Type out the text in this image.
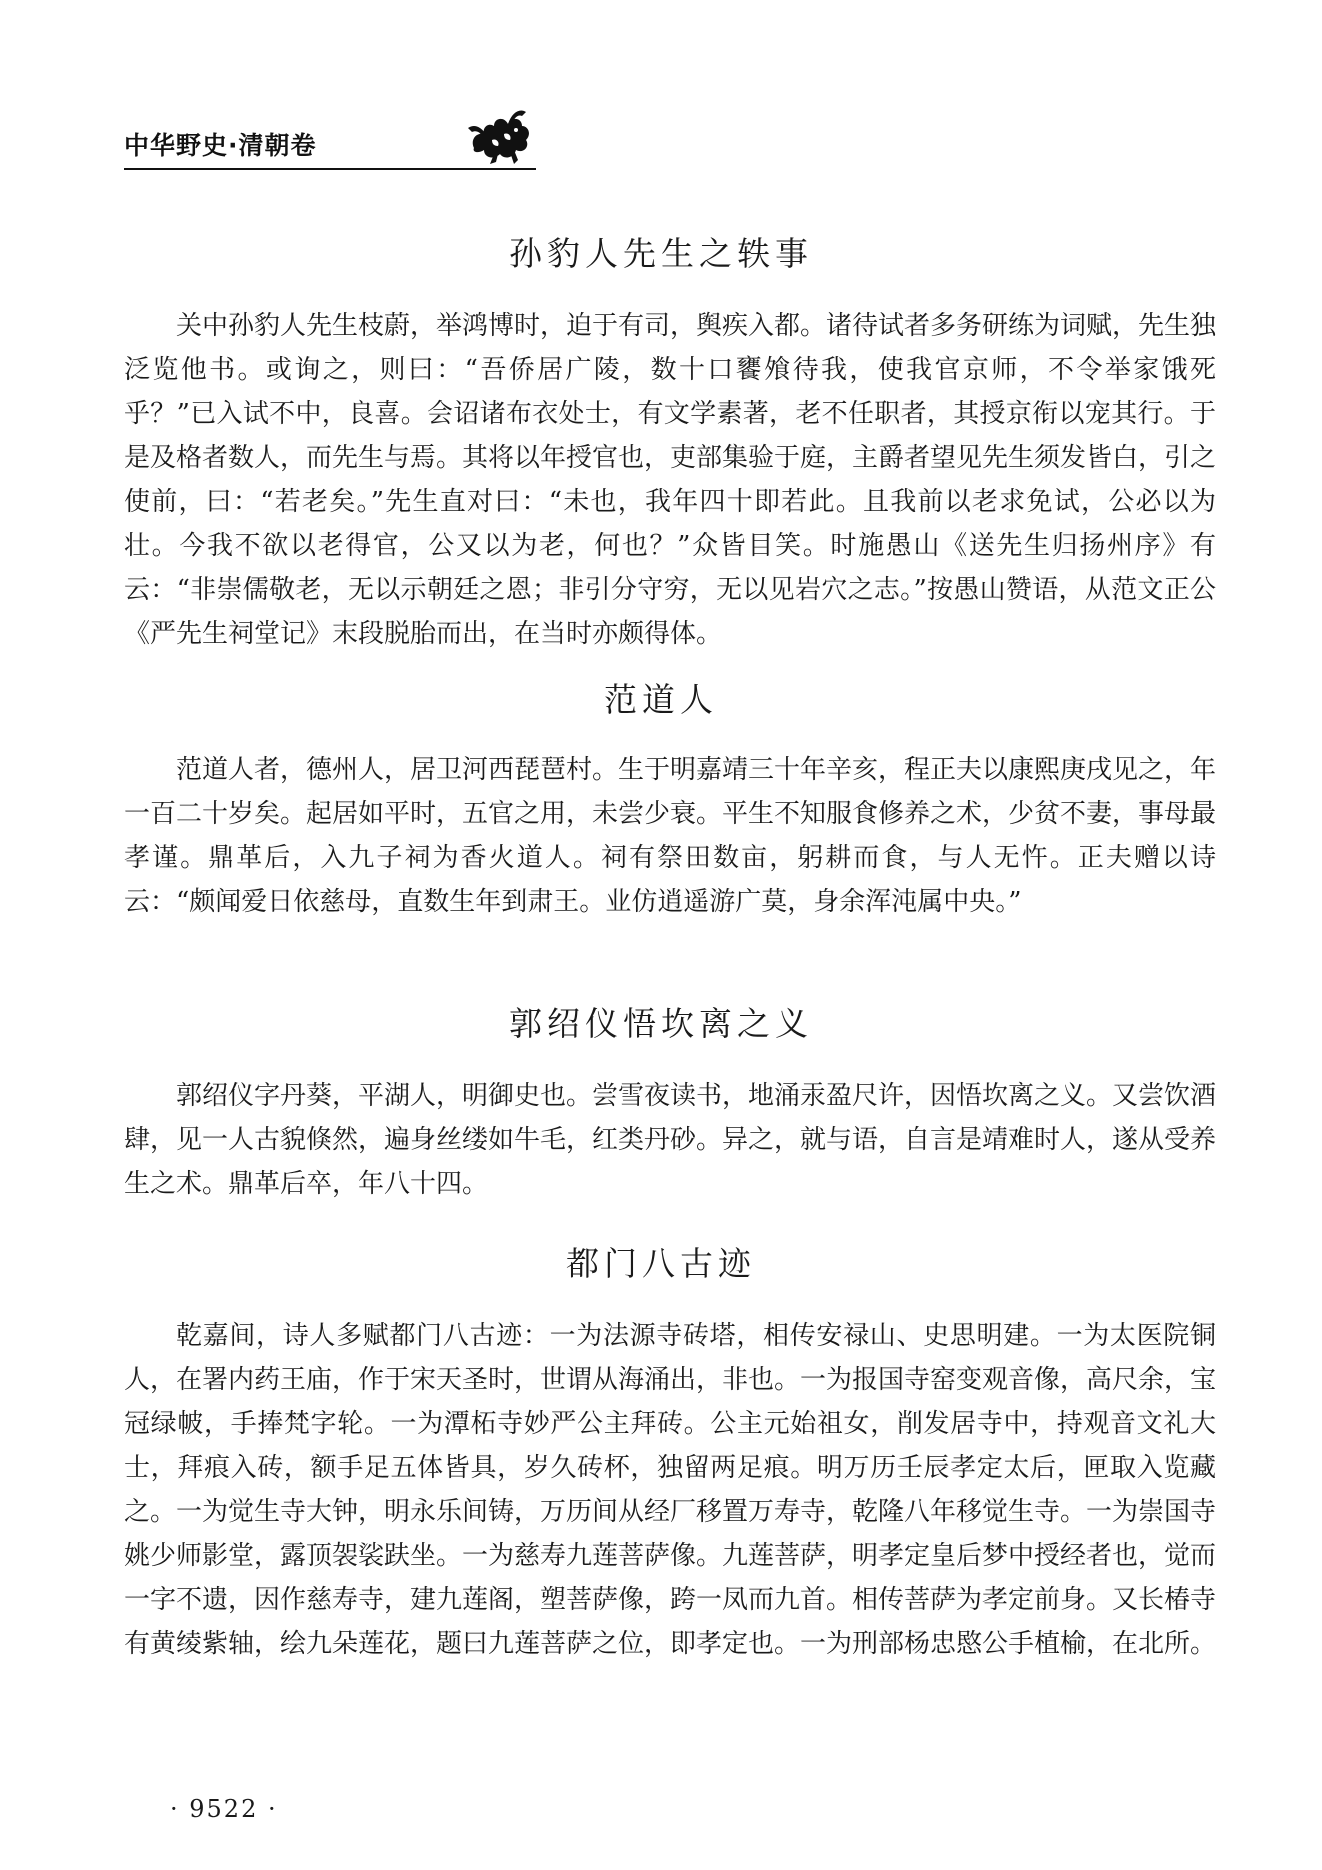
中华野史·清朝卷
孙豹人先生之轶事

关中孙豹人先生枝蔚，举鸿博时，迫于有司，舆疾入都。诸待试者多务研练为词赋，先生独泛览他书。或询之，则曰：“吾侨居广陵，数十口饔飧待我，使我官京师，不令举家饿死乎？”已入试不中，良喜。会诏诸布衣处士，有文学素著，老不任职者，其授京衔以宠其行。于是及格者数人，而先生与焉。其将以年授官也，吏部集验于庭，主爵者望见先生须发皆白，引之使前，曰：“若老矣。”先生直对曰：“未也，我年四十即若此。且我前以老求免试，公必以为壮。今我不欲以老得官，公又以为老，何也？”众皆目笑。时施愚山《送先生归扬州序》有云：“非崇儒敬老，无以示朝廷之恩；非引分守穷，无以见岩穴之志。”按愚山赞语，从范文正公《严先生祠堂记》末段脱胎而出，在当时亦颇得体。

范道人

范道人者，德州人，居卫河西琵琶村。生于明嘉靖三十年辛亥，程正夫以康熙庚戌见之，年一百二十岁矣。起居如平时，五官之用，未尝少衰。平生不知服食修养之术，少贫不妻，事母最孝谨。鼎革后，入九子祠为香火道人。祠有祭田数亩，躬耕而食，与人无忤。正夫赠以诗云：“颇闻爱日依慈母，直数生年到肃王。业仿逍遥游广莫，身余浑沌属中央。”

郭绍仪悟坎离之义

郭绍仪字丹葵，平湖人，明御史也。尝雪夜读书，地涌汞盈尺许，因悟坎离之义。又尝饮酒肆，见一人古貌倏然，遍身丝缕如牛毛，红类丹砂。异之，就与语，自言是靖难时人，遂从受养生之术。鼎革后卒，年八十四。

都门八古迹

乾嘉间，诗人多赋都门八古迹：一为法源寺砖塔，相传安禄山、史思明建。一为太医院铜人，在署内药王庙，作于宋天圣时，世谓从海涌出，非也。一为报国寺窑变观音像，高尺余，宝冠绿帔，手捧梵字轮。一为潭柘寺妙严公主拜砖。公主元始祖女，削发居寺中，持观音文礼大士，拜痕入砖，额手足五体皆具，岁久砖杯，独留两足痕。明万历壬辰孝定太后，匣取入览藏之。一为觉生寺大钟，明永乐间铸，万历间从经厂移置万寿寺，乾隆八年移觉生寺。一为崇国寺姚少师影堂，露顶袈裟趺坐。一为慈寿九莲菩萨像。九莲菩萨，明孝定皇后梦中授经者也，觉而一字不遗，因作慈寿寺，建九莲阁，塑菩萨像，跨一凤而九首。相传菩萨为孝定前身。又长椿寺有黄绫紫轴，绘九朵莲花，题曰九莲菩萨之位，即孝定也。一为刑部杨忠愍公手植榆，在北所。

· 9522 ·
